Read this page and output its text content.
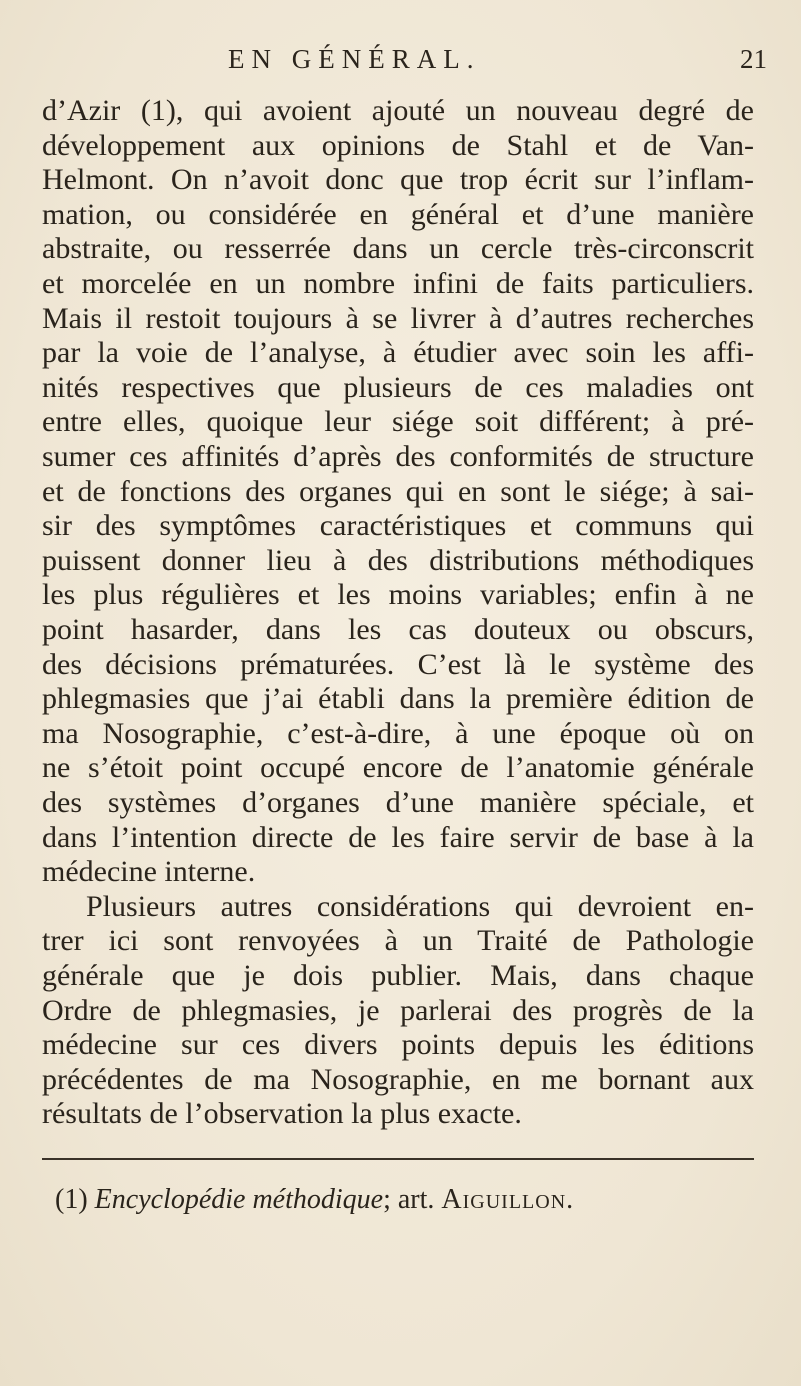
EN GÉNÉRAL.	21
d’Azir (1), qui avoient ajouté un nouveau degré de
développement aux opinions de Stahl et de Van-
Helmont. On n’avoit donc que trop écrit sur l’inflam-
mation, ou considérée en général et d’une manière
abstraite, ou resserrée dans un cercle très-circonscrit
et morcelée en un nombre infini de faits particuliers.
Mais il restoit toujours à se livrer à d’autres recherches
par la voie de l’analyse, à étudier avec soin les affi-
nités respectives que plusieurs de ces maladies ont
entre elles, quoique leur siége soit différent; à pré-
sumer ces affinités d’après des conformités de structure
et de fonctions des organes qui en sont le siége; à sai-
sir des symptômes caractéristiques et communs qui
puissent donner lieu à des distributions méthodiques
les plus régulières et les moins variables; enfin à ne
point hasarder, dans les cas douteux ou obscurs,
des décisions prématurées. C’est là le système des
phlegmasies que j’ai établi dans la première édition de
ma Nosographie, c’est-à-dire, à une époque où on
ne s’étoit point occupé encore de l’anatomie générale
des systèmes d’organes d’une manière spéciale, et
dans l’intention directe de les faire servir de base à la
médecine interne.
Plusieurs autres considérations qui devroient en-
trer ici sont renvoyées à un Traité de Pathologie
générale que je dois publier. Mais, dans chaque
Ordre de phlegmasies, je parlerai des progrès de la
médecine sur ces divers points depuis les éditions
précédentes de ma Nosographie, en me bornant aux
résultats de l’observation la plus exacte.
(1) Encyclopédie méthodique; art. Aiguillon.
